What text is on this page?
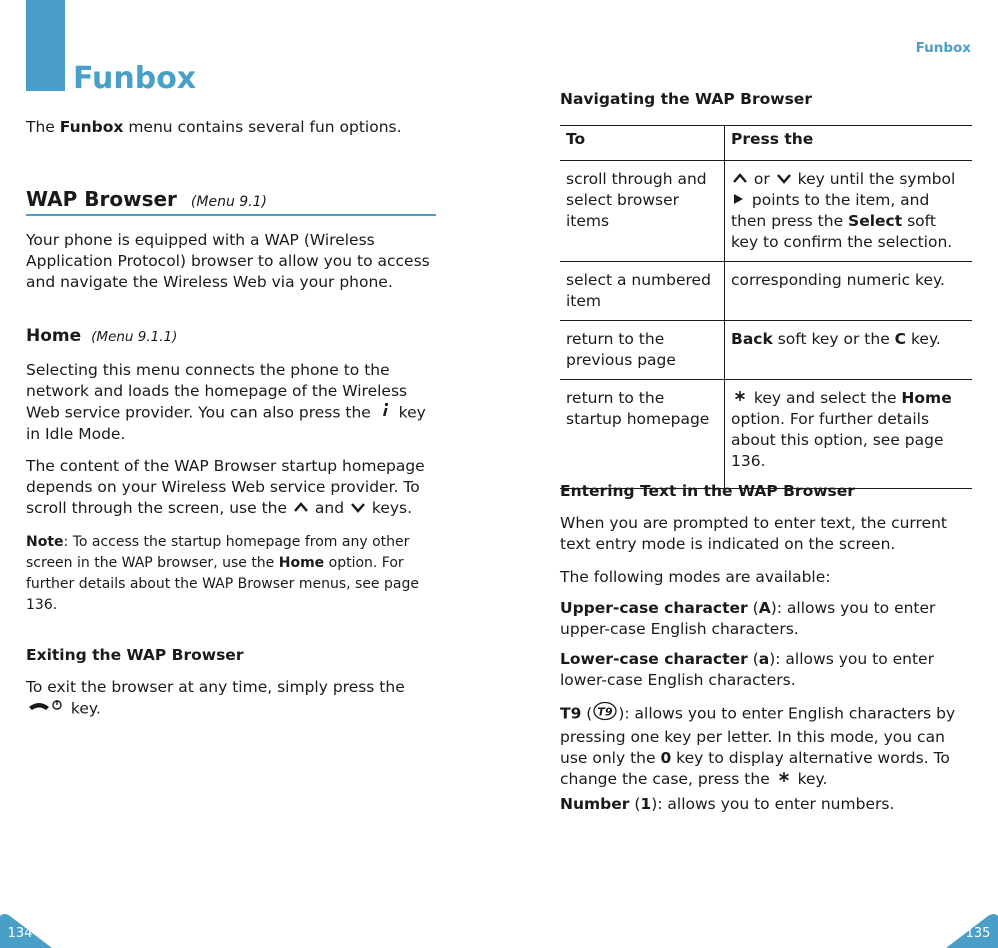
Funbox
Funbox

The Funbox menu contains several fun options.

WAP Browser (Menu 9.1)

Your phone is equipped with a WAP (Wireless Application Protocol) browser to allow you to access and navigate the Wireless Web via your phone.

Home (Menu 9.1.1)

Selecting this menu connects the phone to the network and loads the homepage of the Wireless Web service provider. You can also press the  key in Idle Mode.

The content of the WAP Browser startup homepage depends on your Wireless Web service provider. To scroll through the screen, use the  and  keys.

Note: To access the startup homepage from any other screen in the WAP browser, use the Home option. For further details about the WAP Browser menus, see page 136.

Exiting the WAP Browser

To exit the browser at any time, simply press the
key.

Navigating the WAP Browser
To	Press the
scroll through and select browser items	or  key until the symbol
points to the item, and then press the Select soft key to confirm the selection.
select a numbered item	corresponding numeric key.
return to the previous page	Back soft key or the C key.
return to the startup homepage	key and select the Home option. For further details about this option, see page 136.
Entering Text in the WAP Browser

When you are prompted to enter text, the current text entry mode is indicated on the screen.

The following modes are available:

Upper-case character (A): allows you to enter upper-case English characters.

Lower-case character (a): allows you to enter lower-case English characters.

T9 ( T9 ): allows you to enter English characters by pressing one key per letter. In this mode, you can use only the 0 key to display alternative words. To change the case, press the  key.

Number (1): allows you to enter numbers.

134	135
